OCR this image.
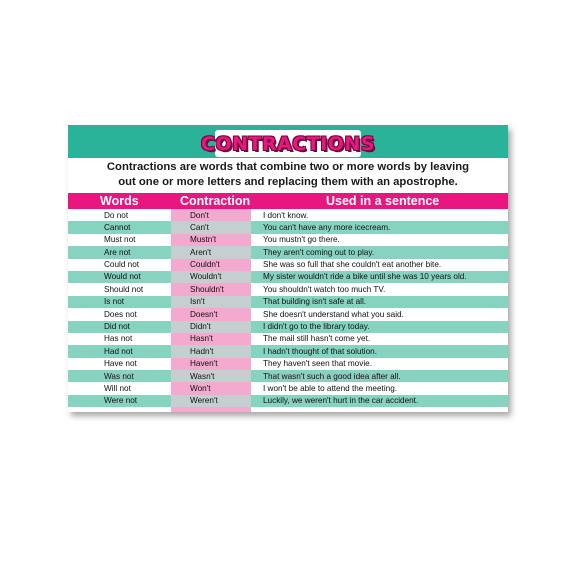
CONTRACTIONS
Contractions are words that combine two or more words by leaving
out one or more letters and replacing them with an apostrophe.
Words	Contraction	Used in a sentence
Do not	Don't	I don't know.
Cannot	Can't	You can't have any more icecream.
Must not	Mustn't	You mustn't go there.
Are not	Aren't	They aren't coming out to play.
Could not	Couldn't	She was so full that she couldn't eat another bite.
Would not	Wouldn't	My sister wouldn't ride a bike until she was 10 years old.
Should not	Shouldn't	You shouldn't watch too much TV.
Is not	Isn't	That building isn't safe at all.
Does not	Doesn't	She doesn't understand what you said.
Did not	Didn't	I didn't go to the library today.
Has not	Hasn't	The mail still hasn't come yet.
Had not	Hadn't	I hadn't thought of that solution.
Have not	Haven't	They haven't seen that movie.
Was not	Wasn't	That wasn't such a good idea after all.
Will not	Won't	I won't be able to attend the meeting.
Were not	Weren't	Luckily, we weren't hurt in the car accident.
